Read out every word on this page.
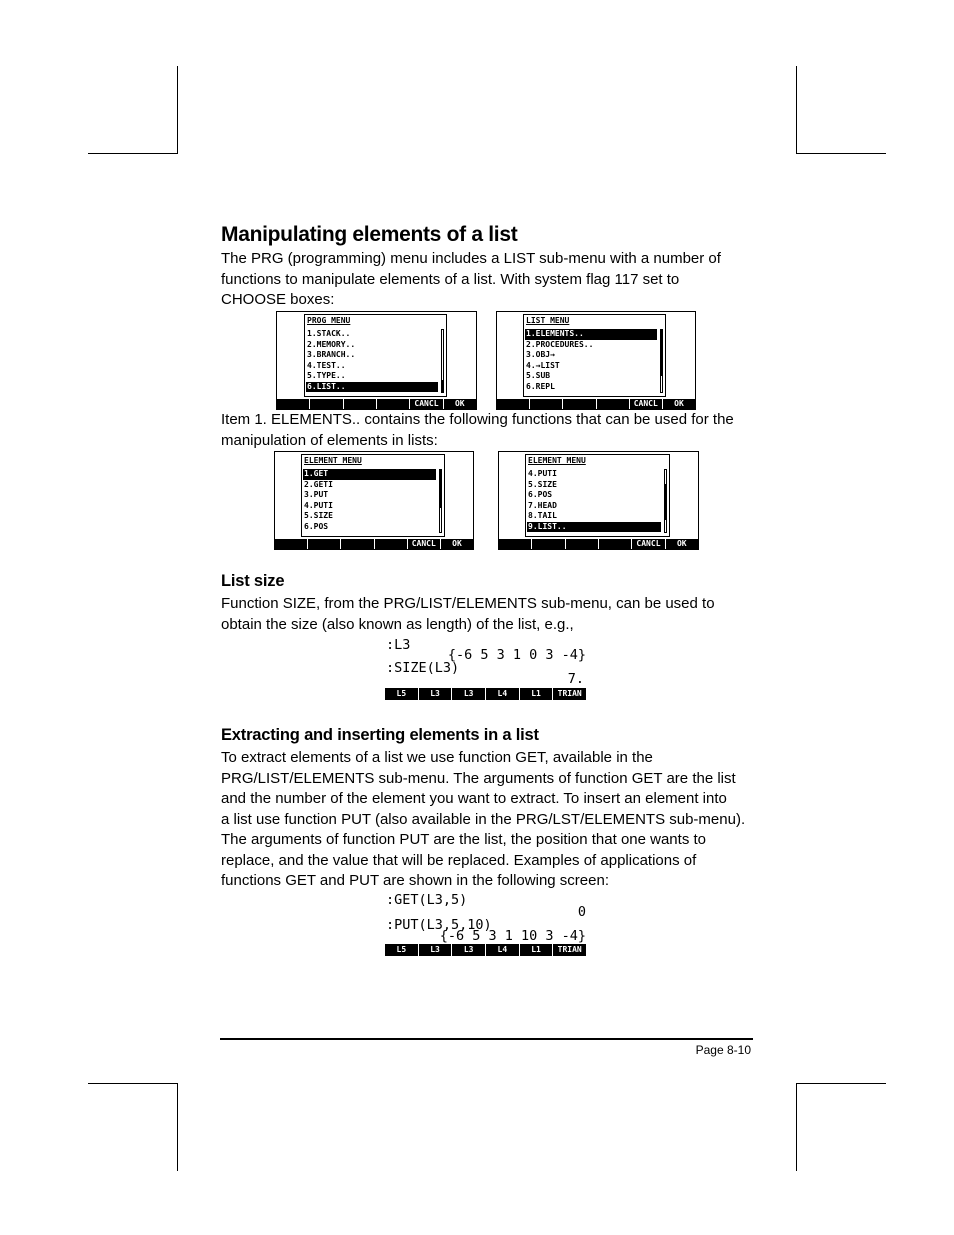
Manipulating elements of a list
The PRG (programming) menu includes a LIST sub-menu with a number of
functions to manipulate elements of a list. With system flag 117 set to
CHOOSE boxes:
PROG MENU
1.STACK..
2.MEMORY..
3.BRANCH..
4.TEST..
5.TYPE..
6.LIST..
CANCL	OK
LIST MENU
1.ELEMENTS..
2.PROCEDURES..
3.OBJ→
4.→LIST
5.SUB
6.REPL
CANCL	OK
Item 1. ELEMENTS.. contains the following functions that can be used for the
manipulation of elements in lists:
ELEMENT MENU
1.GET
2.GETI
3.PUT
4.PUTI
5.SIZE
6.POS
CANCL	OK
ELEMENT MENU
4.PUTI
5.SIZE
6.POS
7.HEAD
8.TAIL
9.LIST..
CANCL	OK
List size
Function SIZE, from the PRG/LIST/ELEMENTS sub-menu, can be used to
obtain the size (also known as length) of the list, e.g.,
:L3
{-6 5 3 1 0 3 -4}
:SIZE(L3)
7.
L5	L3	L3	L4	L1	TRIAN
Extracting and inserting elements in a list
To extract elements of a list we use function GET, available in the
PRG/LIST/ELEMENTS sub-menu. The arguments of function GET are the list
and the number of the element you want to extract. To insert an element into
a list use function PUT (also available in the PRG/LST/ELEMENTS sub-menu).
The arguments of function PUT are the list, the position that one wants to
replace, and the value that will be replaced. Examples of applications of
functions GET and PUT are shown in the following screen:
:GET(L3,5)
0
:PUT(L3,5,10)
{-6 5 3 1 10 3 -4}
L5	L3	L3	L4	L1	TRIAN
Page 8-10
